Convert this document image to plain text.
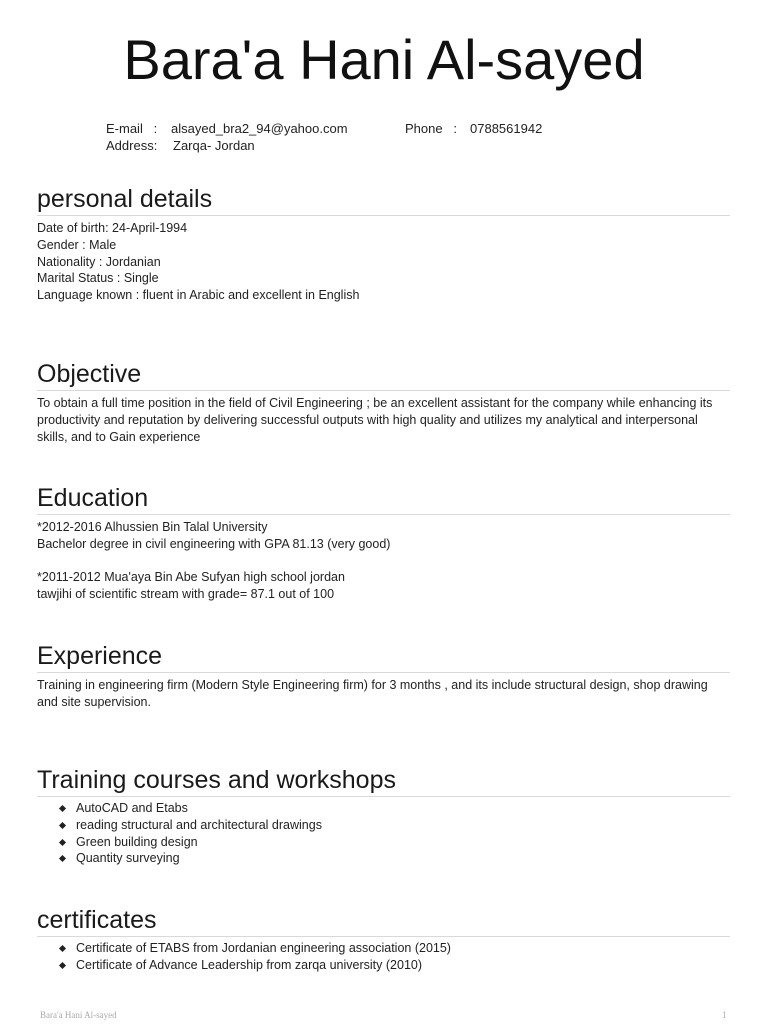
Bara'a Hani Al-sayed
E-mail   : alsayed_bra2_94@yahoo.com	Phone   : 0788561942
Address: Zarqa- Jordan
personal details
Date of birth: 24-April-1994
Gender : Male
Nationality : Jordanian
Marital Status : Single
Language known : fluent in Arabic and excellent in English
Objective
To obtain a full time position in the field of Civil Engineering ; be an excellent assistant for the company while enhancing its productivity and reputation by delivering successful outputs with high quality and utilizes my analytical and interpersonal skills, and to Gain experience
Education
*2012-2016 Alhussien Bin Talal University
Bachelor degree in civil engineering with GPA 81.13 (very good)
*2011-2012 Mua'aya Bin Abe Sufyan high school jordan
tawjihi of scientific stream with grade= 87.1 out of 100
Experience
Training in engineering firm (Modern Style Engineering firm) for 3 months , and its include structural design, shop drawing and site supervision.
Training courses and workshops
AutoCAD and Etabs
reading structural and architectural drawings
Green building design
Quantity surveying
certificates
Certificate of ETABS from Jordanian engineering association (2015)
Certificate of Advance Leadership from zarqa university (2010)
Bara'a Hani Al-sayed	1
